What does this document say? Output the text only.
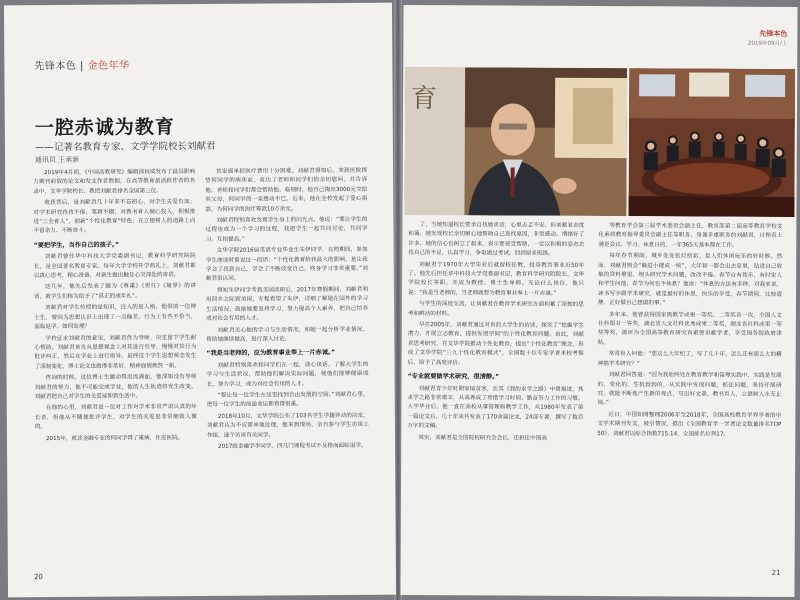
先锋本色 | 金色年华
一腔赤诚为教育
——记著名教育专家、文学学院校长刘献君
通讯员 王承新

2019年4月初，《中国高教研究》编辑部权威发布了最具影响力期刊前载的论文和发文作者数据，在高等教育最活跃作者的名录中，文华学院校长、教授刘献君排名全国第三位。

收获背后，是刘献君几十年来不忘初心，对学生关爱有加；对学术研究孜孜不倦、笔耕不辍；对教书育人倾心投入，积极推进“三全育人”，创新“个性化教育”特色；在立德树人的道路上向不留余力、不断奋斗。

“要把学生，当作自己的孩子。”

刘献君曾任华中科技大学党委副书记，教育科学研究院院长，是全国著名教育专家。每年大学学校开学典礼上，刘献君都以真心思考，精心准备，对新生做出触及心灵深处的寄语。

这几年，他先后发表了题为《尊重》《责任》《境界》的讲话，被学生们称为给予了“真正的成年礼”。

刘献君对学生传授的是知识，注入的是人格。他带的一位博士生，曾因为思想认识上出现了一点偏差，行为上有些不恰当，面临退学。如何处理？

学校征求刘献君的意见，刘献君作为导师，决定留下学生耐心帮助。刘献君首先从思想观念上对其进行引导，慢慢对其行为批评纠正，然后在学业上进行指导。最终这个学生思想观念发生了深刻变化，博士论文也做得非常好，精神面貌焕然一新。

咨询的时候，这位博士生激动得泪流满面，他深知没有导师刘献君的努力，他不可能完成学业，他的人生轨迹将发生改变。刘献君把自己对学生的关爱延伸到生活中。

在他的心里，刘献君是一位对工作对学术非常严肃认真的年长者，但他从不随便批评学生，对学生的关爱是非常细致入微的。

2015年，就读金融专业的何同学得了重病，住进医院。

其家庭承担医疗费用十分困难。刘献君得知后，来到医院探望何同学的病床前，表达了老师和同学们的亲切慰问，并告诉他，老师和同学们都会帮助他。临别时，他自己掏出3000元交给其父母，何同学的一家感动不已。后来，他在全校发起了爱心捐款，为何同学的治疗筹款10万余元。

刘献君特别喜欢发现学生身上的闪光点。他说：“要让学生的过程也成为一个学习的过程，我把学生一起共同讨论，共同学习，互相提高。”

文华学院2016届英语专业毕业生朱伊同学，在校期间，参加学生座谈时曾说过一段话：“个性化教育给我最大的影响，是让我学会了找到自己，学会了不断改变自己，终身学习非常重要。”刘献君很认同。

得知朱伊同学考到美国读研后，2017年寒假期间，刘献君利用回乡之际到美国，专程看望了朱伊，详细了解她在国外的学习生活情况，鼓励她要坚持学习，努力提高个人素养，把自己培养成对社会有用的人才。

刘献君关心她的学习与生活情况，和她一起分析学业情况，帮助她继续提高，进行深入讨论。

“我是当老师的，应为教育事业奉上一片赤诚。”

刘献君特别喜欢和同学们在一起，谈心谈话，了解大学生的学习与生活状况，帮助他们解决实际问题，使他们能够健康成长，努力学习，成为对社会有用的人才。

“要让每一位学生在这里找到自由发展的空间。”刘献君心里，把每一位学生的前途命运都看得很重。

2018年10月，文华学院公布了103名学生学籍异动的决定，刘献君认为不应简单地处理，他来到现场，亲自参与学生访谈工作组，逐个访谈有关同学。

2017级金融学李同学，四几门课程考试不及格而面临退学。

20
先锋本色
2019年09月/上
育

了，当她知道校长要亲自找她谈话，心里忐忑不安。但刘献君态度和蔼，她发现校长亲切耐心地帮助自己查找原因，非常感动。情绪好了许多，她的信心也树立了起来，表示要接受帮助，一定以积极的姿态去找自己的不足，认真学习，争取通过考试，回到原来班级。

刘献君于1970年大学毕业后就留校任教，投身教育事业近50年了。他先后担任华中科技大学党委副书记，教育科学研究院院长，文华学院校长等职，开成为教授、博士生导师。无论什么岗位，他只说：“我是当老师的，当老师就要为教育事业奉上一片赤诚。”

与学生的深度交流，让刘献君在教育学术研究方面积累了深刻的思考和鲜活的材料。

早在2005年，刘献君通过对有的大学生的访谈，探究了“挖掘学生潜力，开展立志教育，提供发展空间”的个性化教育问题。由此，刘献君思考研究，在文华学院推动个性化教育，提出“个性化教育”理念，形成了文华学院“三九个性化教育模式”，全国数十位专家学者来校考察后，给予了高度评价。

“专业就要做学术研究，很清静。”

刘献君青少年时期家境贫寒，在其《我的求学之路》中曾描述，其求学之路非常艰辛，从高养成了珍惜学习时间、勤奋努力工作的习惯。大学毕业后，他一直在高校从事管理和教学工作，从1980年发表了第一篇论文后，几十年来共发表了170余篇论文，24部专著，撰写了数百万字的文稿。

其实，刘献君是全国院校研究会会长，还担任中国高

等教育学会第三届学术委员会副主任，教育部第二届高等教育学校文化素质教育指导委员会副主任等职务，身兼多重职务的刘献君，日程表上满是会议、学习、休息日的，一年365天基本都在工作。

每年春节期间，城乡处处张灯结彩，是人们休闲玩乐的好时候。然而，刘献君则会“躲进小楼成一统”，大年初一都会出去家里，钻进自己收集的资料堆里，埋头研究学术问题，改改不倦。春节自有其乐，有时家人和学生问他，春节为何也不休息？他说：“休息的方法有多种，对我来说，读书写字做学术研究，就是最好的休息，快乐的享受，春节期间，比较清静，正好做自己想做的事。”

多年来，他曾获得国家级教学成果一等奖、二等奖各一次，全国人文社科图书一等奖，湖北省人文社科优秀成果二等奖，湖北省社科成果一等奖等奖，被评为全国高等教育研究有重要贡献学者，享受国务院政府津贴。

常常有人问他：“您这么大年纪了，写了几十年，怎么还有那么大的精神搞学术研究？”

刘献君回答道：“因为我始终处在教育教学和管理实践中，实践是发展的，变化的，生机勃勃的，从实践中发现问题，抓住问题，坚持开展研究，就能不断地产生新的观点，写出好文章，教书育人，立德树人永无止境。”

近日，中国知网整理2006年至2018年，全国高校教育学界学者的中文学术期刊发文，被引情况，推出《全国教育学一学者论文数量排名TOP 50》，刘献君以综合指数715.14，全国排名位列17。

21
